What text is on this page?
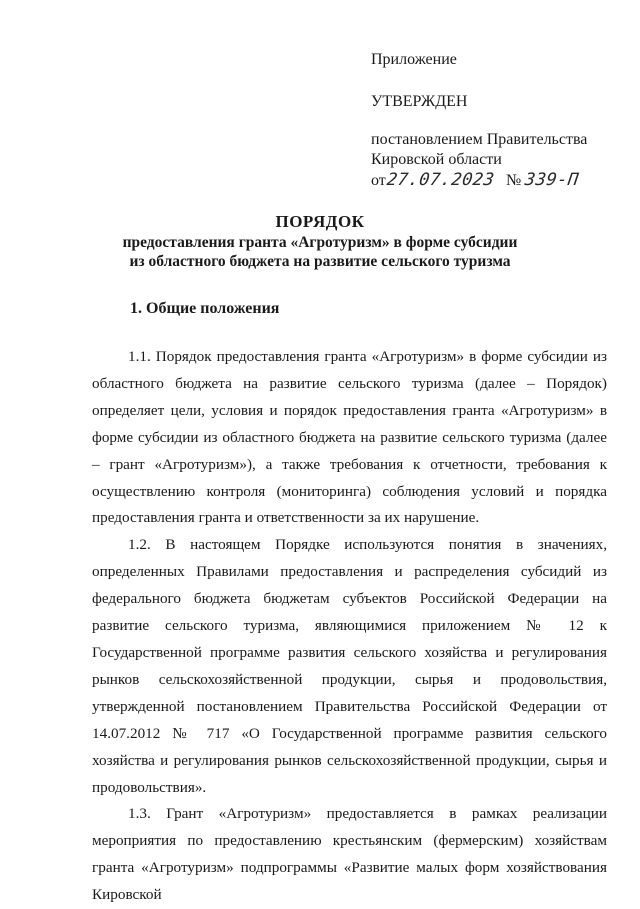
Приложение
УТВЕРЖДЕН
постановлением Правительства
Кировской области
от27.07.2023 № 339-П
ПОРЯДОК
предоставления гранта «Агротуризм» в форме субсидии
из областного бюджета на развитие сельского туризма
1. Общие положения

1.1. Порядок предоставления гранта «Агротуризм» в форме субсидии из областного бюджета на развитие сельского туризма (далее – Порядок) определяет цели, условия и порядок предоставления гранта «Агротуризм» в форме субсидии из областного бюджета на развитие сельского туризма (далее – грант «Агротуризм»), а также требования к отчетности, требования к осуществлению контроля (мониторинга) соблюдения условий и порядка предоставления гранта и ответственности за их нарушение.

1.2. В настоящем Порядке используются понятия в значениях, определенных Правилами предоставления и распределения субсидий из федерального бюджета бюджетам субъектов Российской Федерации на развитие сельского туризма, являющимися приложением № 12 к Государственной программе развития сельского хозяйства и регулирования рынков сельскохозяйственной продукции, сырья и продовольствия, утвержденной постановлением Правительства Российской Федерации от 14.07.2012 № 717 «О Государственной программе развития сельского хозяйства и регулирования рынков сельскохозяйственной продукции, сырья и продовольствия».

1.3. Грант «Агротуризм» предоставляется в рамках реализации мероприятия по предоставлению крестьянским (фермерским) хозяйствам гранта «Агротуризм» подпрограммы «Развитие малых форм хозяйствования Кировской
